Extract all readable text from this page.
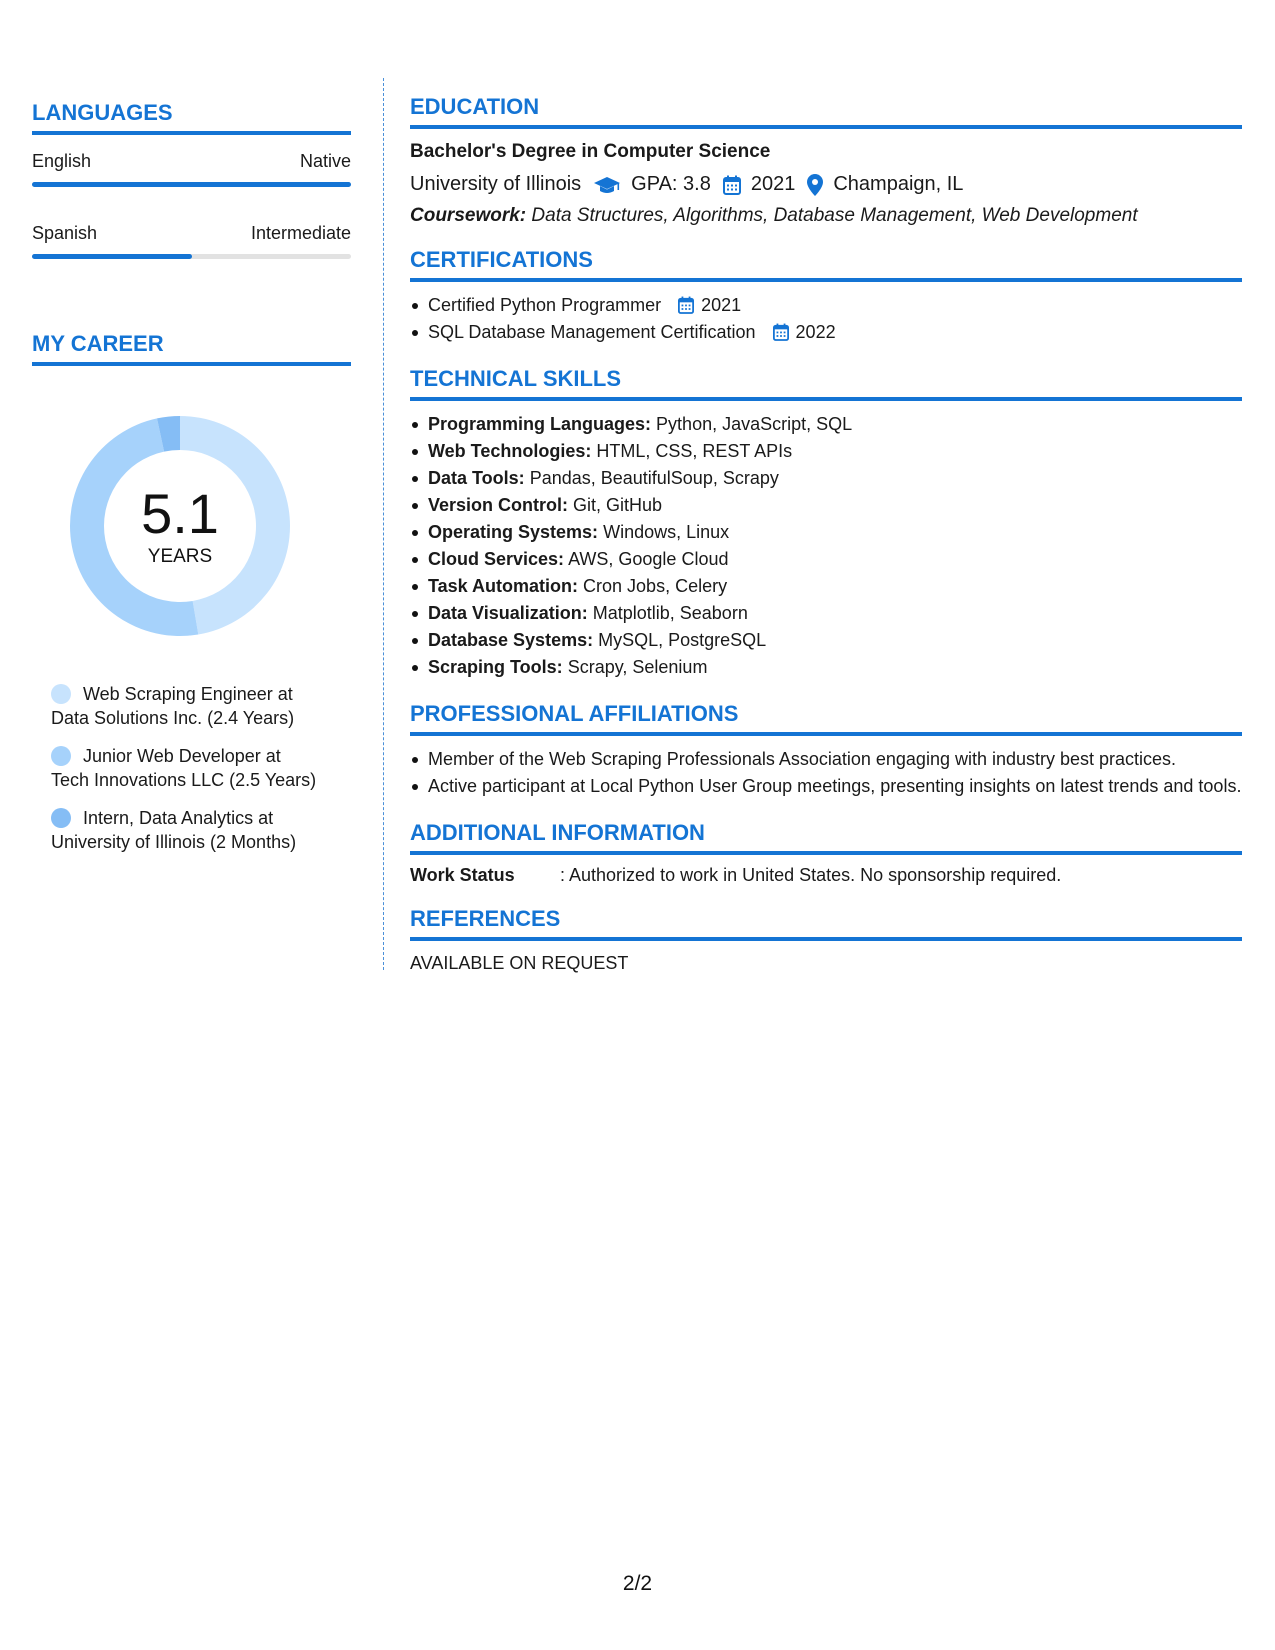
LANGUAGES
English	Native
Spanish	Intermediate
MY CAREER
5.1
YEARS
Web Scraping Engineer at
Data Solutions Inc. (2.4 Years)
Junior Web Developer at
Tech Innovations LLC (2.5 Years)
Intern, Data Analytics at
University of Illinois (2 Months)
EDUCATION
Bachelor's Degree in Computer Science
University of Illinois	GPA: 3.8 2021 Champaign, IL
Coursework: Data Structures, Algorithms, Database Management, Web Development
CERTIFICATIONS
Certified Python Programmer 2021
SQL Database Management Certification 2022
TECHNICAL SKILLS
Programming Languages: Python, JavaScript, SQL
Web Technologies: HTML, CSS, REST APIs
Data Tools: Pandas, BeautifulSoup, Scrapy
Version Control: Git, GitHub
Operating Systems: Windows, Linux
Cloud Services: AWS, Google Cloud
Task Automation: Cron Jobs, Celery
Data Visualization: Matplotlib, Seaborn
Database Systems: MySQL, PostgreSQL
Scraping Tools: Scrapy, Selenium
PROFESSIONAL AFFILIATIONS
Member of the Web Scraping Professionals Association engaging with industry best practices.
Active participant at Local Python User Group meetings, presenting insights on latest trends and tools.
ADDITIONAL INFORMATION
Work Status	: Authorized to work in United States. No sponsorship required.
REFERENCES
AVAILABLE ON REQUEST
2/2
